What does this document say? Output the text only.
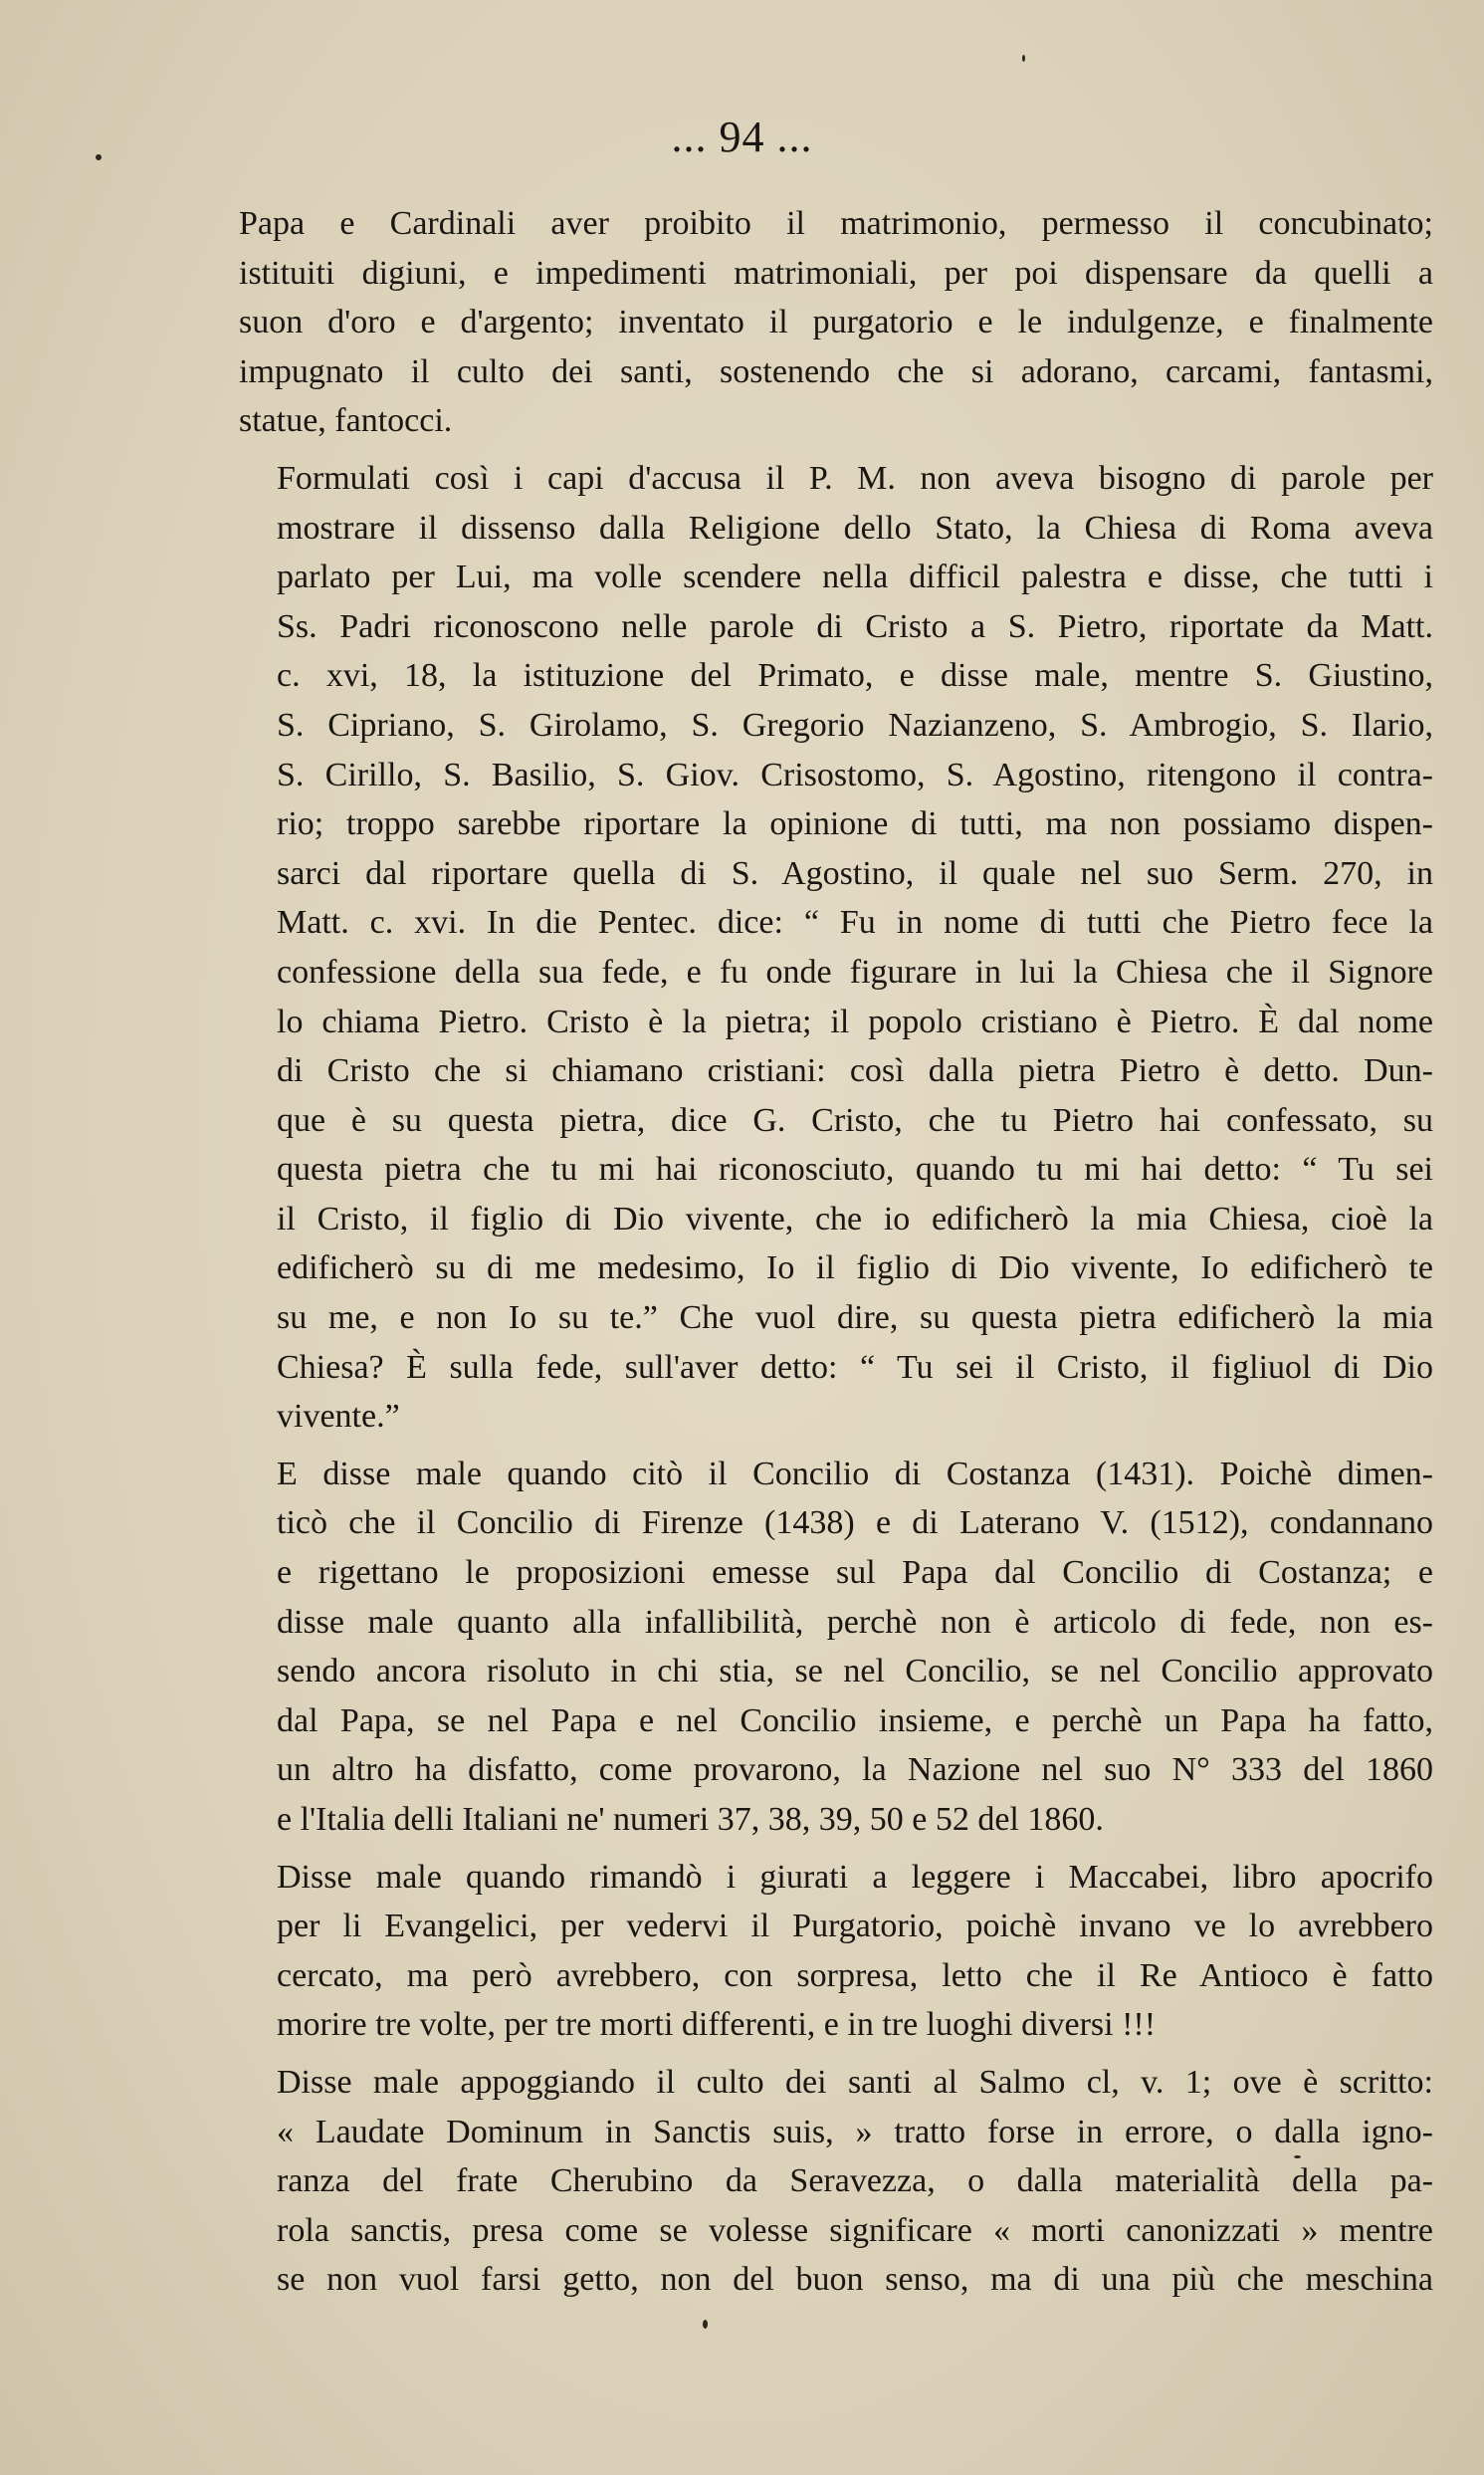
... 94 ...

Papa e Cardinali aver proibito il matrimonio, permesso il concubinato;
istituiti digiuni, e impedimenti matrimoniali, per poi dispensare da quelli a
suon d'oro e d'argento; inventato il purgatorio e le indulgenze, e finalmente
impugnato il culto dei santi, sostenendo che si adorano, carcami, fantasmi,
statue, fantocci.

Formulati così i capi d'accusa il P. M. non aveva bisogno di parole per
mostrare il dissenso dalla Religione dello Stato, la Chiesa di Roma aveva
parlato per Lui, ma volle scendere nella difficil palestra e disse, che tutti i
Ss. Padri riconoscono nelle parole di Cristo a S. Pietro, riportate da Matt.
c. xvi, 18, la istituzione del Primato, e disse male, mentre S. Giustino,
S. Cipriano, S. Girolamo, S. Gregorio Nazianzeno, S. Ambrogio, S. Ilario,
S. Cirillo, S. Basilio, S. Giov. Crisostomo, S. Agostino, ritengono il contra-
rio; troppo sarebbe riportare la opinione di tutti, ma non possiamo dispen-
sarci dal riportare quella di S. Agostino, il quale nel suo Serm. 270, in
Matt. c. xvi. In die Pentec. dice: “ Fu in nome di tutti che Pietro fece la
confessione della sua fede, e fu onde figurare in lui la Chiesa che il Signore
lo chiama Pietro. Cristo è la pietra; il popolo cristiano è Pietro. È dal nome
di Cristo che si chiamano cristiani: così dalla pietra Pietro è detto. Dun-
que è su questa pietra, dice G. Cristo, che tu Pietro hai confessato, su
questa pietra che tu mi hai riconosciuto, quando tu mi hai detto: “ Tu sei
il Cristo, il figlio di Dio vivente, che io edificherò la mia Chiesa, cioè la
edificherò su di me medesimo, Io il figlio di Dio vivente, Io edificherò te
su me, e non Io su te.” Che vuol dire, su questa pietra edificherò la mia
Chiesa? È sulla fede, sull'aver detto: “ Tu sei il Cristo, il figliuol di Dio
vivente.”

E disse male quando citò il Concilio di Costanza (1431). Poichè dimen-
ticò che il Concilio di Firenze (1438) e di Laterano V. (1512), condannano
e rigettano le proposizioni emesse sul Papa dal Concilio di Costanza; e
disse male quanto alla infallibilità, perchè non è articolo di fede, non es-
sendo ancora risoluto in chi stia, se nel Concilio, se nel Concilio approvato
dal Papa, se nel Papa e nel Concilio insieme, e perchè un Papa ha fatto,
un altro ha disfatto, come provarono, la Nazione nel suo N° 333 del 1860
e l'Italia delli Italiani ne' numeri 37, 38, 39, 50 e 52 del 1860.

Disse male quando rimandò i giurati a leggere i Maccabei, libro apocrifo
per li Evangelici, per vedervi il Purgatorio, poichè invano ve lo avrebbero
cercato, ma però avrebbero, con sorpresa, letto che il Re Antioco è fatto
morire tre volte, per tre morti differenti, e in tre luoghi diversi !!!

Disse male appoggiando il culto dei santi al Salmo cl, v. 1; ove è scritto:
« Laudate Dominum in Sanctis suis, » tratto forse in errore, o dalla igno-
ranza del frate Cherubino da Seravezza, o dalla materialità della pa-
rola sanctis, presa come se volesse significare « morti canonizzati » mentre
se non vuol farsi getto, non del buon senso, ma di una più che meschina
